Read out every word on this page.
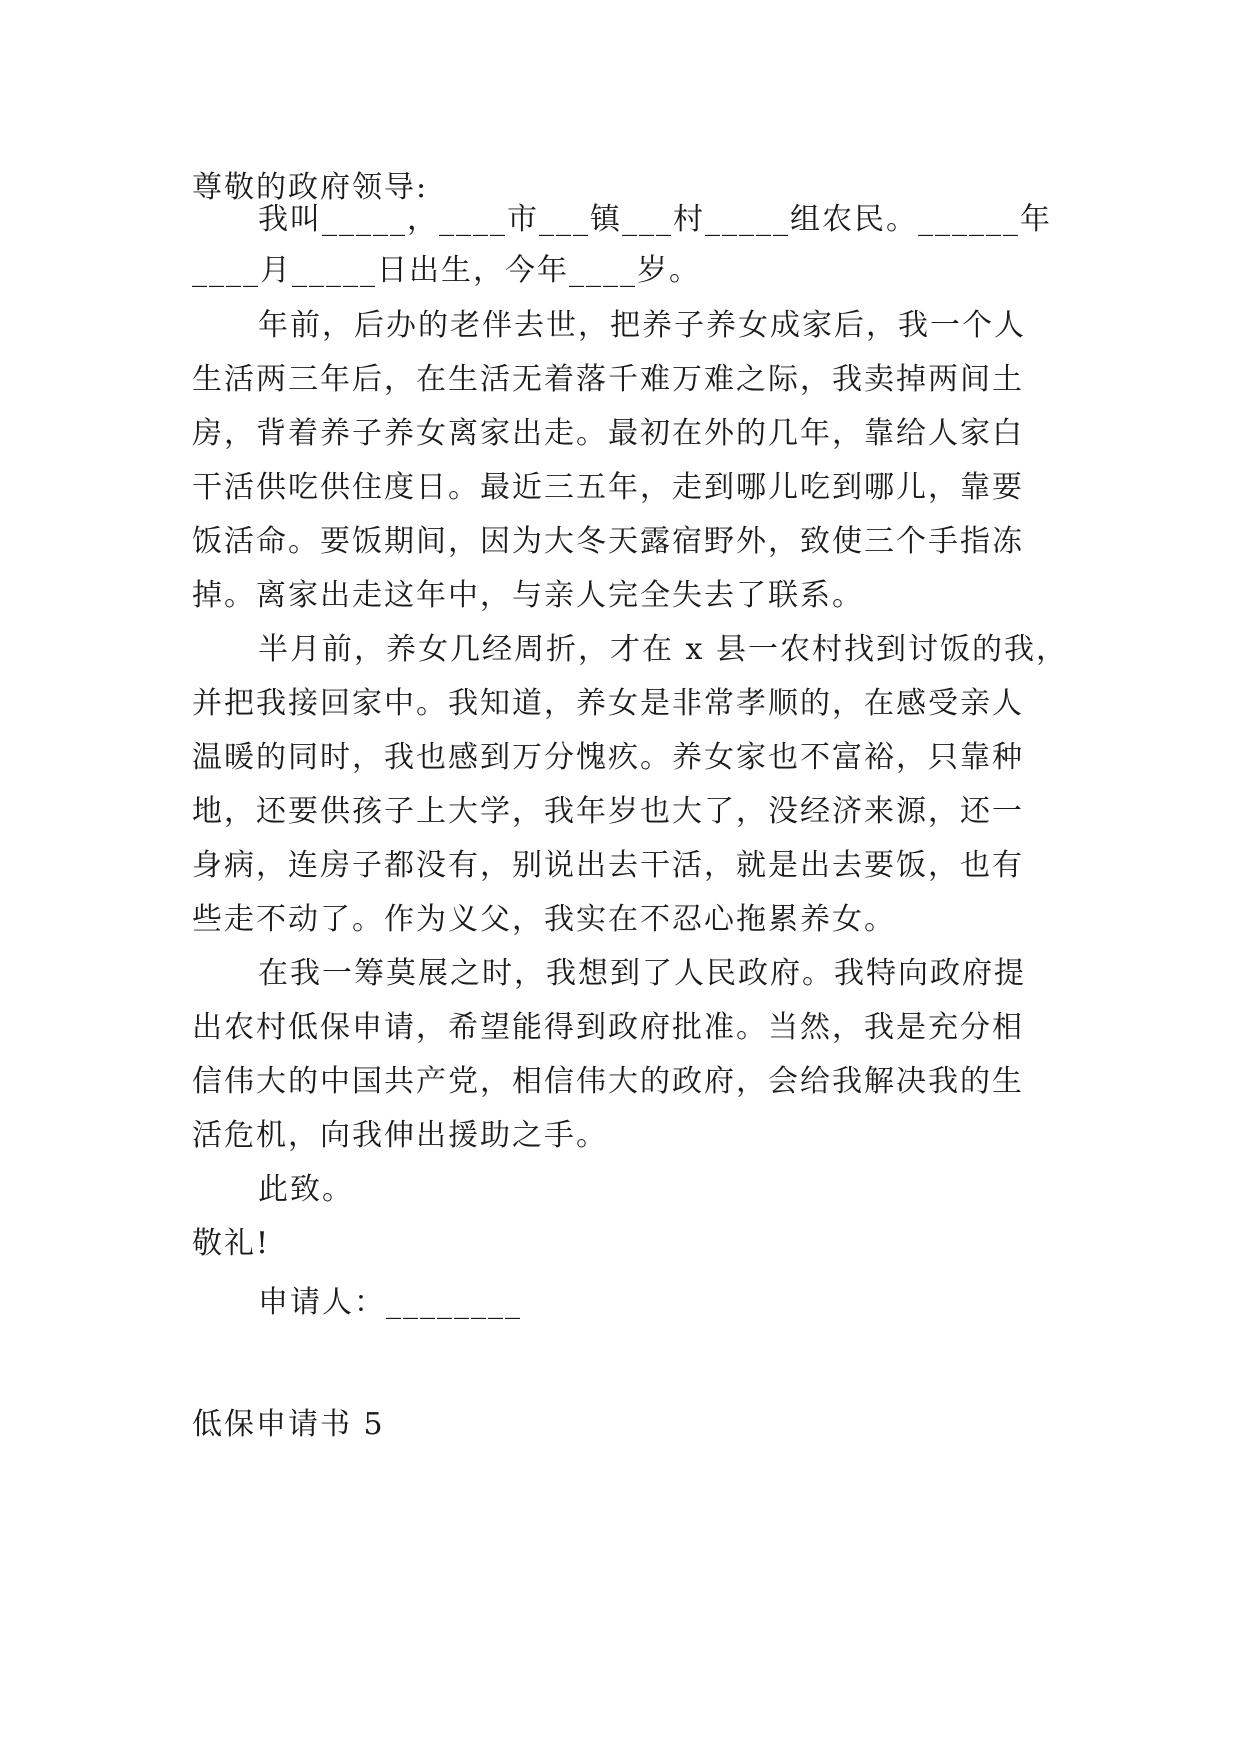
尊敬的政府领导:
我叫_____，____市___镇___村_____组农民。______年
____月_____日出生，今年____岁。
年前，后办的老伴去世，把养子养女成家后，我一个人
生活两三年后，在生活无着落千难万难之际，我卖掉两间土
房，背着养子养女离家出走。最初在外的几年，靠给人家白
干活供吃供住度日。最近三五年，走到哪儿吃到哪儿，靠要
饭活命。要饭期间，因为大冬天露宿野外，致使三个手指冻
掉。离家出走这年中，与亲人完全失去了联系。
半月前，养女几经周折，才在 x 县一农村找到讨饭的我，
并把我接回家中。我知道，养女是非常孝顺的，在感受亲人
温暖的同时，我也感到万分愧疚。养女家也不富裕，只靠种
地，还要供孩子上大学，我年岁也大了，没经济来源，还一
身病，连房子都没有，别说出去干活，就是出去要饭，也有
些走不动了。作为义父，我实在不忍心拖累养女。
在我一筹莫展之时，我想到了人民政府。我特向政府提
出农村低保申请，希望能得到政府批准。当然，我是充分相
信伟大的中国共产党，相信伟大的政府，会给我解决我的生
活危机，向我伸出援助之手。
此致。
敬礼!
申请人：________
低保申请书 5
